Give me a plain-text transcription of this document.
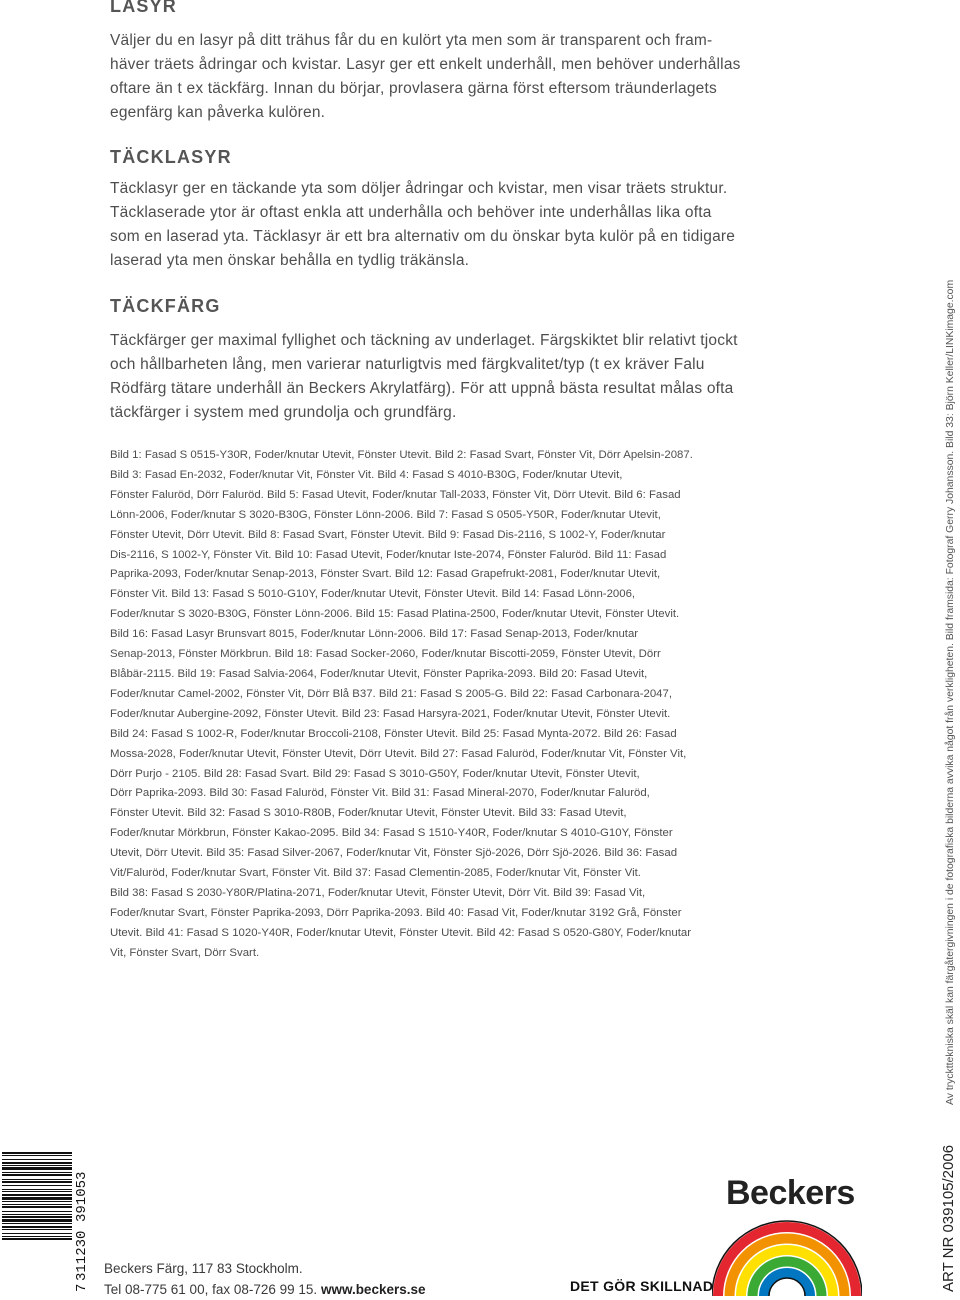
LASYR
Väljer du en lasyr på ditt trähus får du en kulört yta men som är transparent och fram-
häver träets ådringar och kvistar. Lasyr ger ett enkelt underhåll, men behöver underhållas
oftare än t ex täckfärg. Innan du börjar, provlasera gärna först eftersom träunderlagets
egenfärg kan påverka kulören.
TÄCKLASYR
Täcklasyr ger en täckande yta som döljer ådringar och kvistar, men visar träets struktur.
Täcklaserade ytor är oftast enkla att underhålla och behöver inte underhållas lika ofta
som en laserad yta. Täcklasyr är ett bra alternativ om du önskar byta kulör på en tidigare
laserad yta men önskar behålla en tydlig träkänsla.
TÄCKFÄRG
Täckfärger ger maximal fyllighet och täckning av underlaget. Färgskiktet blir relativt tjockt
och hållbarheten lång, men varierar naturligtvis med färgkvalitet/typ (t ex kräver Falu
Rödfärg tätare underhåll än Beckers Akrylatfärg). För att uppnå bästa resultat målas ofta
täckfärger i system med grundolja och grundfärg.
Bild 1: Fasad S 0515-Y30R, Foder/knutar Utevit, Fönster Utevit. Bild 2: Fasad Svart, Fönster Vit, Dörr Apelsin-2087.
Bild 3: Fasad En-2032, Foder/knutar Vit, Fönster Vit. Bild 4: Fasad S 4010-B30G, Foder/knutar Utevit,
Fönster Faluröd, Dörr Faluröd. Bild 5: Fasad Utevit, Foder/knutar Tall-2033, Fönster Vit, Dörr Utevit. Bild 6: Fasad
Lönn-2006, Foder/knutar S 3020-B30G, Fönster Lönn-2006. Bild 7: Fasad S 0505-Y50R, Foder/knutar Utevit,
Fönster Utevit, Dörr Utevit. Bild 8: Fasad Svart, Fönster Utevit. Bild 9: Fasad Dis-2116, S 1002-Y, Foder/knutar
Dis-2116, S 1002-Y, Fönster Vit. Bild 10: Fasad Utevit, Foder/knutar Iste-2074, Fönster Faluröd. Bild 11: Fasad
Paprika-2093, Foder/knutar Senap-2013, Fönster Svart. Bild 12: Fasad Grapefrukt-2081, Foder/knutar Utevit,
Fönster Vit. Bild 13: Fasad S 5010-G10Y, Foder/knutar Utevit, Fönster Utevit. Bild 14: Fasad Lönn-2006,
Foder/knutar S 3020-B30G, Fönster Lönn-2006. Bild 15: Fasad Platina-2500, Foder/knutar Utevit, Fönster Utevit.
Bild 16: Fasad Lasyr Brunsvart 8015, Foder/knutar Lönn-2006. Bild 17: Fasad Senap-2013, Foder/knutar
Senap-2013, Fönster Mörkbrun. Bild 18: Fasad Socker-2060, Foder/knutar Biscotti-2059, Fönster Utevit, Dörr
Blåbär-2115. Bild 19: Fasad Salvia-2064, Foder/knutar Utevit, Fönster Paprika-2093. Bild 20: Fasad Utevit,
Foder/knutar Camel-2002, Fönster Vit, Dörr Blå B37. Bild 21: Fasad S 2005-G. Bild 22: Fasad Carbonara-2047,
Foder/knutar Aubergine-2092, Fönster Utevit. Bild 23: Fasad Harsyra-2021, Foder/knutar Utevit, Fönster Utevit.
Bild 24: Fasad S 1002-R, Foder/knutar Broccoli-2108, Fönster Utevit. Bild 25: Fasad Mynta-2072. Bild 26: Fasad
Mossa-2028, Foder/knutar Utevit, Fönster Utevit, Dörr Utevit. Bild 27: Fasad Faluröd, Foder/knutar Vit, Fönster Vit,
Dörr Purjo - 2105. Bild 28: Fasad Svart. Bild 29: Fasad S 3010-G50Y, Foder/knutar Utevit, Fönster Utevit,
Dörr Paprika-2093. Bild 30: Fasad Faluröd, Fönster Vit. Bild 31: Fasad Mineral-2070, Foder/knutar Faluröd,
Fönster Utevit. Bild 32: Fasad S 3010-R80B, Foder/knutar Utevit, Fönster Utevit. Bild 33: Fasad Utevit,
Foder/knutar Mörkbrun, Fönster Kakao-2095. Bild 34: Fasad S 1510-Y40R, Foder/knutar S 4010-G10Y, Fönster
Utevit, Dörr Utevit. Bild 35: Fasad Silver-2067, Foder/knutar Vit, Fönster Sjö-2026, Dörr Sjö-2026. Bild 36: Fasad
Vit/Faluröd, Foder/knutar Svart, Fönster Vit. Bild 37: Fasad Clementin-2085, Foder/knutar Vit, Fönster Vit.
Bild 38: Fasad S 2030-Y80R/Platina-2071, Foder/knutar Utevit, Fönster Utevit, Dörr Vit. Bild 39: Fasad Vit,
Foder/knutar Svart, Fönster Paprika-2093, Dörr Paprika-2093. Bild 40: Fasad Vit, Foder/knutar 3192 Grå, Fönster
Utevit. Bild 41: Fasad S 1020-Y40R, Foder/knutar Utevit, Fönster Utevit. Bild 42: Fasad S 0520-G80Y, Foder/knutar
Vit, Fönster Svart, Dörr Svart.	Av tryckttekniska skäl kan färgåtergivningen i de fotografiska bilderna avvika något från verkligheten. Bild framsida: Fotograf Gerry Johansson. Bild 33: Björn Keller/LINKimage.com
7
311230
391053
Beckers Färg, 117 83 Stockholm.
Tel 08-775 61 00, fax 08-726 99 15. www.beckers.se
Beckers
DET GÖR SKILLNAD	ART NR 039105/2006
